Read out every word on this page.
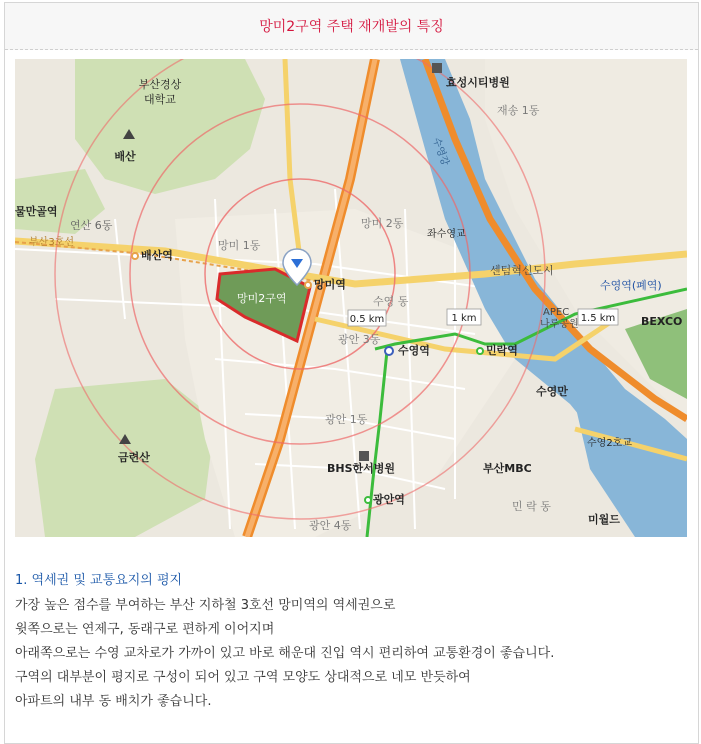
망미2구역 주택 재개발의 특징
망미2구역
0.5 km	1 km	1.5 km
부산경상
대학교
배산
물만골역
연산 6동
부산3호선
배산역
망미 1동
망미 2동
망미역
수영 동
광안 3동
수영역	민락역
효성시티병원
재송 1동
좌수영교
센텀혁신도시
수영역(폐역)
APEC
나루공원	BEXCO
수영만
수영2호교
광안 1동
금련산
BHS한서병원	부산MBC
광안역
민 락 동
광안 4동	미월드
수영강

1. 역세권 및 교통요지의 평지

가장 높은 점수를 부여하는 부산 지하철 3호선 망미역의 역세권으로

윗쪽으로는 연제구, 동래구로 편하게 이어지며

아래쪽으로는 수영 교차로가 가까이 있고 바로 해운대 진입 역시 편리하여 교통환경이 좋습니다.

구역의 대부분이 평지로 구성이 되어 있고 구역 모양도 상대적으로 네모 반듯하여

아파트의 내부 동 배치가 좋습니다.
